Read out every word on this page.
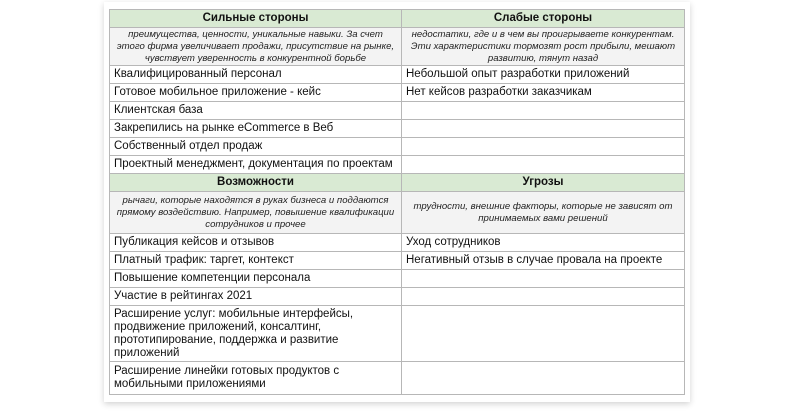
Сильные стороны	Слабые стороны
преимущества, ценности, уникальные навыки. За счет этого фирма увеличивает продажи, присутствие на рынке, чувствует уверенность в конкурентной борьбе	недостатки, где и в чем вы проигрываете конкурентам. Эти характеристики тормозят рост прибыли, мешают развитию, тянут назад
Квалифицированный персонал	Небольшой опыт разработки приложений
Готовое мобильное приложение - кейс	Нет кейсов разработки заказчикам
Клиентская база	
Закрепились на рынке eCommerce в Веб	
Собственный отдел продаж	
Проектный менеджмент, документация по проектам	
Возможности	Угрозы
рычаги, которые находятся в руках бизнеса и поддаются прямому воздействию. Например, повышение квалификации сотрудников и прочее	трудности, внешние факторы, которые не зависят от принимаемых вами решений
Публикация кейсов и отзывов	Уход сотрудников
Платный трафик: таргет, контекст	Негативный отзыв в случае провала на проекте
Повышение компетенции персонала	
Участие в рейтингах 2021	
Расширение услуг: мобильные интерфейсы, продвижение приложений, консалтинг, прототипирование, поддержка и развитие приложений	
Расширение линейки готовых продуктов с мобильными приложениями	
